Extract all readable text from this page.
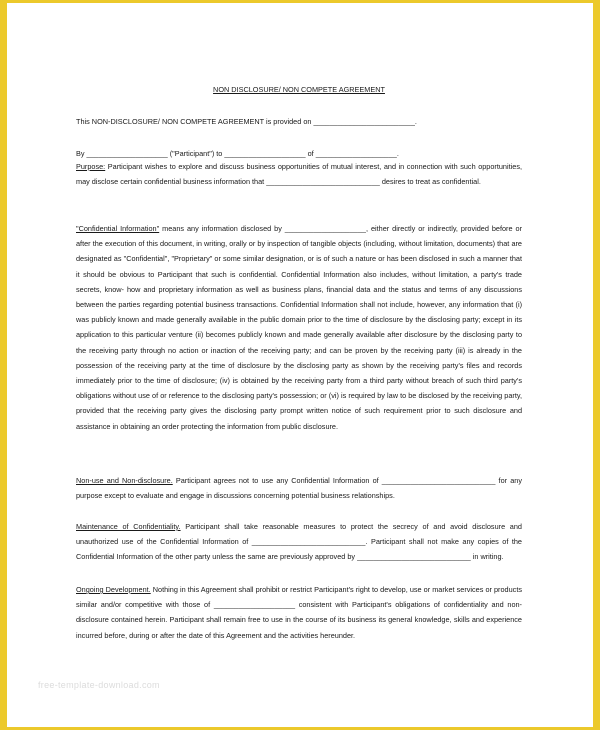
NON DISCLOSURE/ NON COMPETE AGREEMENT
This NON-DISCLOSURE/ NON COMPETE AGREEMENT is provided on _________________________.
By ____________________ ("Participant") to ____________________ of ____________________.

Purpose: Participant wishes to explore and discuss business opportunities of mutual interest, and in connection with such opportunities, may disclose certain confidential business information that ____________________________ desires to treat as confidential.

"Confidential Information" means any information disclosed by ____________________, either directly or indirectly, provided before or after the execution of this document, in writing, orally or by inspection of tangible objects (including, without limitation, documents) that are designated as "Confidential", "Proprietary" or some similar designation, or is of such a nature or has been disclosed in such a manner that it should be obvious to Participant that such is confidential. Confidential Information also includes, without limitation, a party's trade secrets, know- how and proprietary information as well as business plans, financial data and the status and terms of any discussions between the parties regarding potential business transactions. Confidential Information shall not include, however, any information that (i) was publicly known and made generally available in the public domain prior to the time of disclosure by the disclosing party; except in its application to this particular venture (ii) becomes publicly known and made generally available after disclosure by the disclosing party to the receiving party through no action or inaction of the receiving party; and can be proven by the receiving party (iii) is already in the possession of the receiving party at the time of disclosure by the disclosing party as shown by the receiving party's files and records immediately prior to the time of disclosure; (iv) is obtained by the receiving party from a third party without breach of such third party's obligations without use of or reference to the disclosing party's possession; or (vi) is required by law to be disclosed by the receiving party, provided that the receiving party gives the disclosing party prompt written notice of such requirement prior to such disclosure and assistance in obtaining an order protecting the information from public disclosure.

Non-use and Non-disclosure. Participant agrees not to use any Confidential Information of ____________________________ for any purpose except to evaluate and engage in discussions concerning potential business relationships.

Maintenance of Confidentiality. Participant shall take reasonable measures to protect the secrecy of and avoid disclosure and unauthorized use of the Confidential Information of ____________________________. Participant shall not make any copies of the Confidential Information of the other party unless the same are previously approved by ____________________________ in writing.

Ongoing Development. Nothing in this Agreement shall prohibit or restrict Participant's right to develop, use or market services or products similar and/or competitive with those of ____________________ consistent with Participant's obligations of confidentiality and non- disclosure contained herein. Participant shall remain free to use in the course of its business its general knowledge, skills and experience incurred before, during or after the date of this Agreement and the activities hereunder.

free-template-download.com
